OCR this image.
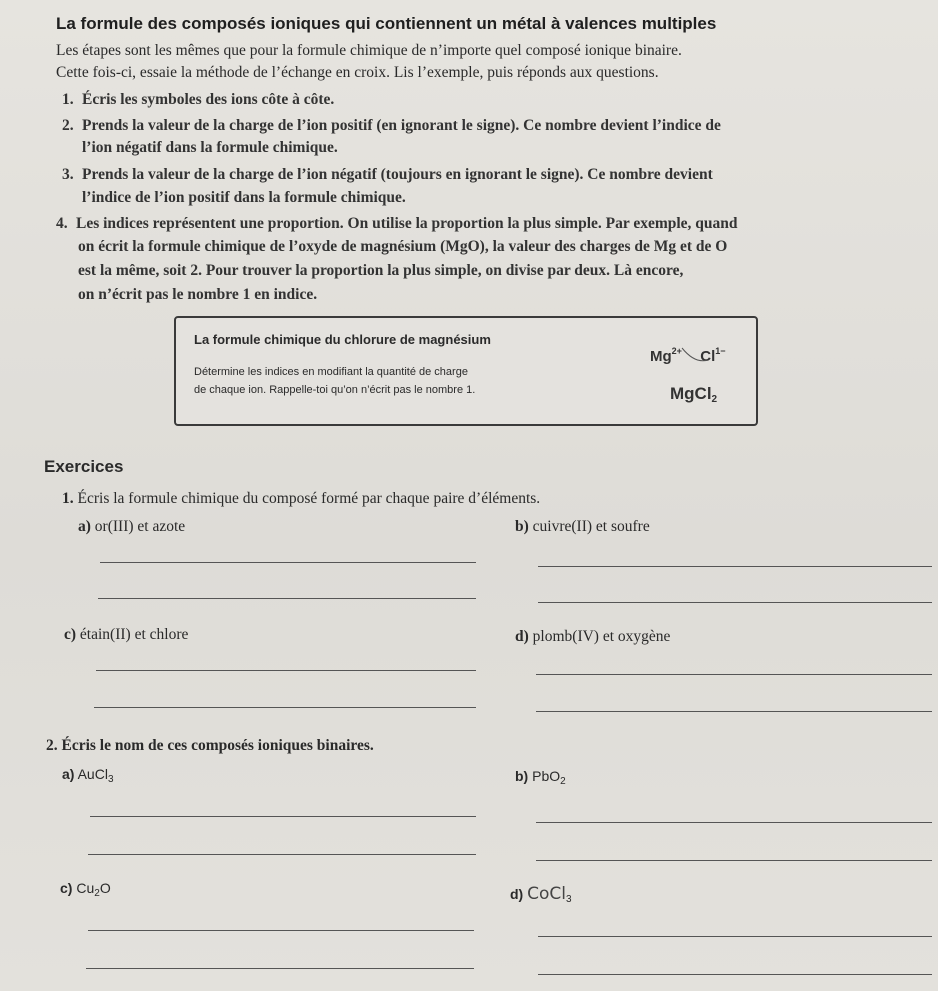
La formule des composés ioniques qui contiennent un métal à valences multiples
Les étapes sont les mêmes que pour la formule chimique de n’importe quel composé ionique binaire.
Cette fois-ci, essaie la méthode de l’échange en croix. Lis l’exemple, puis réponds aux questions.
1. Écris les symboles des ions côte à côte.
2. Prends la valeur de la charge de l’ion positif (en ignorant le signe). Ce nombre devient l’indice de
l’ion négatif dans la formule chimique.
3. Prends la valeur de la charge de l’ion négatif (toujours en ignorant le signe). Ce nombre devient
l’indice de l’ion positif dans la formule chimique.
4. Les indices représentent une proportion. On utilise la proportion la plus simple. Par exemple, quand
on écrit la formule chimique de l’oxyde de magnésium (MgO), la valeur des charges de Mg et de O
est la même, soit 2. Pour trouver la proportion la plus simple, on divise par deux. Là encore,
on n’écrit pas le nombre 1 en indice.
La formule chimique du chlorure de magnésium
Détermine les indices en modifiant la quantité de charge
de chaque ion. Rappelle-toi qu’on n’écrit pas le nombre 1.
$Mg^{2+}$ $Cl^{1-}$
MgCl$_2$
Exercices
1. Écris la formule chimique du composé formé par chaque paire d’éléments.
a) or(III) et azote	b) cuivre(II) et soufre
c) étain(II) et chlore	d) plomb(IV) et oxygène
2. Écris le nom de ces composés ioniques binaires.
a) AuCl$_3$	b) PbO$_2$
c) $Cu_2O$	d) CoCl$_3$
